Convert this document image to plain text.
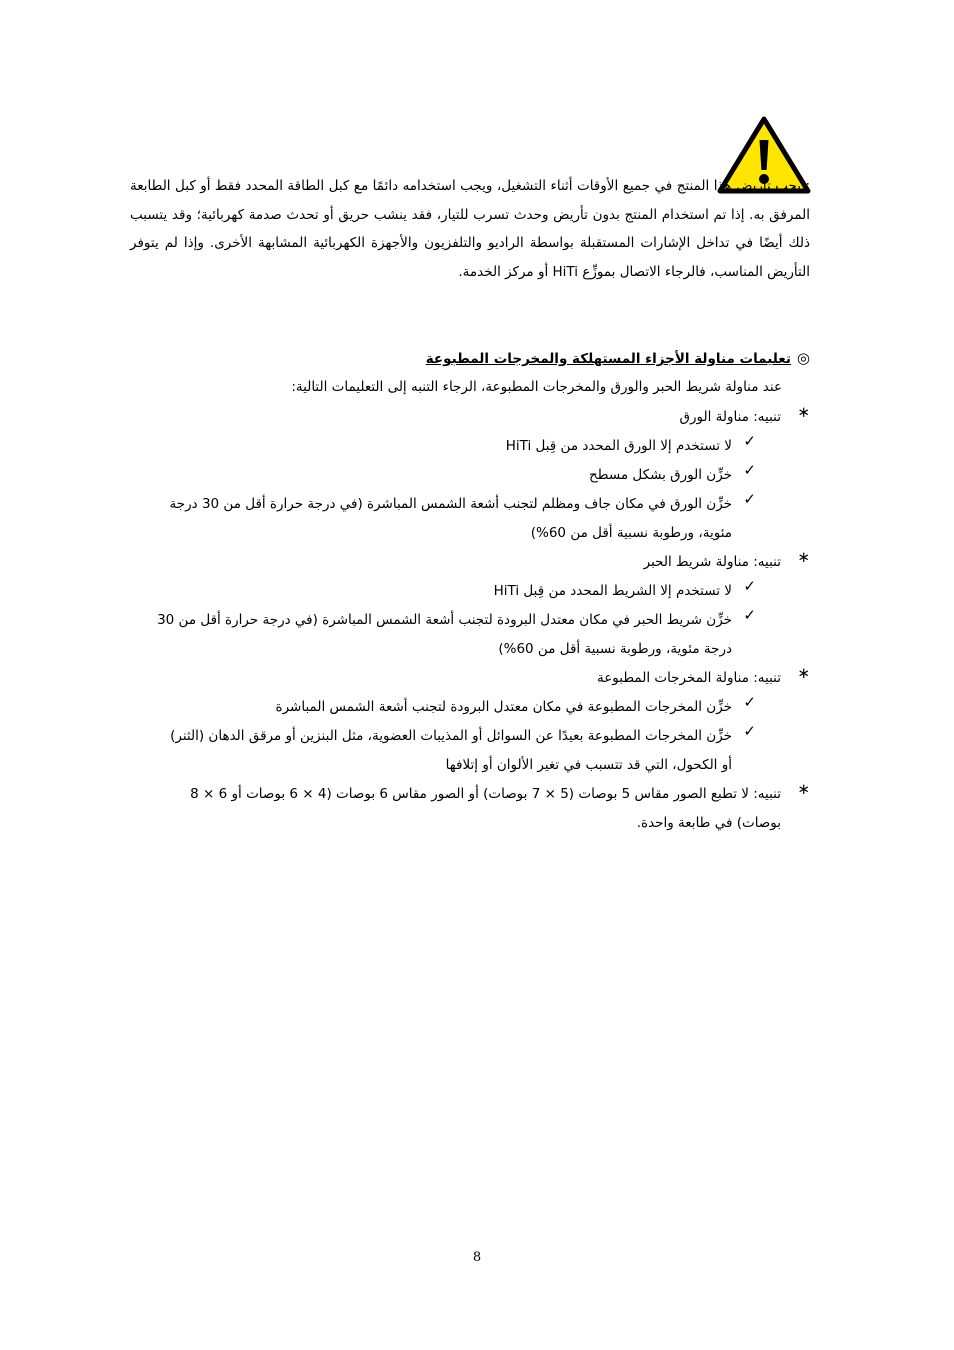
: يجب تأريض هذا المنتج في جميع الأوقات أثناء التشغيل، ويجب استخدامه دائمًا مع كبل الطاقة المحدد فقط أو كبل الطابعة المرفق به. إذا تم استخدام المنتج بدون تأريض وحدث تسرب للتيار، فقد ينشب حريق أو تحدث صدمة كهربائية؛ وقد يتسبب ذلك أيضًا في تداخل الإشارات المستقبلة بواسطة الراديو والتلفزيون والأجهزة الكهربائية المشابهة الأخرى. وإذا لم يتوفر التأريض المناسب، فالرجاء الاتصال بموزِّع HiTi أو مركز الخدمة.
◎تعليمات مناولة الأجزاء المستهلكة والمخرجات المطبوعة
عند مناولة شريط الحبر والورق والمخرجات المطبوعة، الرجاء التنبه إلى التعليمات التالية:
∗
تنبيه: مناولة الورق
✓
لا تستخدم إلا الورق المحدد من قِبل HiTi
✓
خزِّن الورق بشكل مسطح
✓
خزِّن الورق في مكان جاف ومظلم لتجنب أشعة الشمس المباشرة (في درجة حرارة أقل من 30 درجة مئوية، ورطوبة نسبية أقل من 60%)
∗
تنبيه: مناولة شريط الحبر
✓
لا تستخدم إلا الشريط المحدد من قِبل HiTi
✓
خزِّن شريط الحبر في مكان معتدل البرودة لتجنب أشعة الشمس المباشرة (في درجة حرارة أقل من 30 درجة مئوية، ورطوبة نسبية أقل من 60%)
∗
تنبيه: مناولة المخرجات المطبوعة
✓
خزِّن المخرجات المطبوعة في مكان معتدل البرودة لتجنب أشعة الشمس المباشرة
✓
خزِّن المخرجات المطبوعة بعيدًا عن السوائل أو المذيبات العضوية، مثل البنزين أو مرقق الدهان (الثنر) أو الكحول، التي قد تتسبب في تغير الألوان أو إتلافها
∗
تنبيه: لا تطبع الصور مقاس 5 بوصات (5 × 7 بوصات) أو الصور مقاس 6 بوصات (4 × 6 بوصات أو 6 × 8 بوصات) في طابعة واحدة.
8
